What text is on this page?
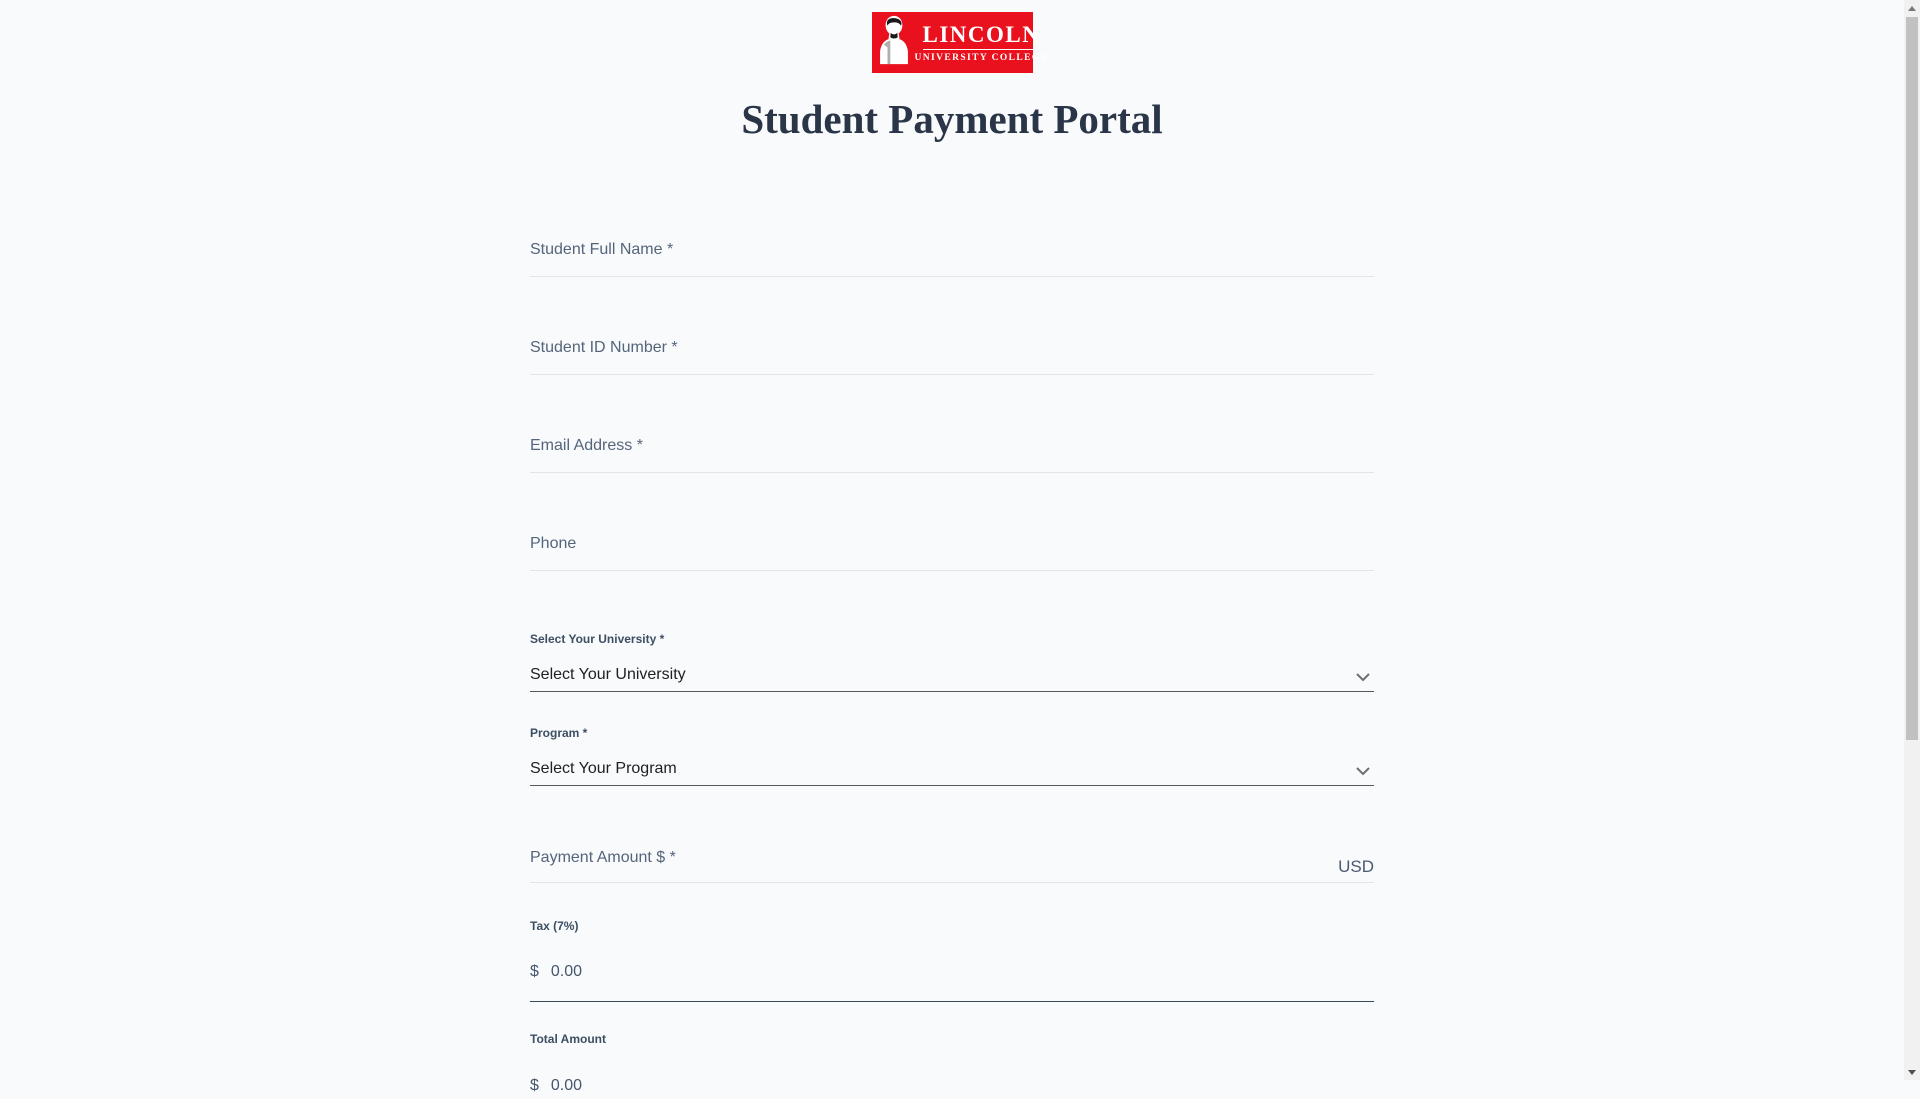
LINCOLN
UNIVERSITY COLLEGE
Student Payment Portal
Student Full Name *
Student ID Number *
Email Address *
Phone
Select Your University *
Select Your University
Program *
Select Your Program
Payment Amount $ *	USD
Tax (7%)
$ 0.00
Total Amount
$ 0.00
